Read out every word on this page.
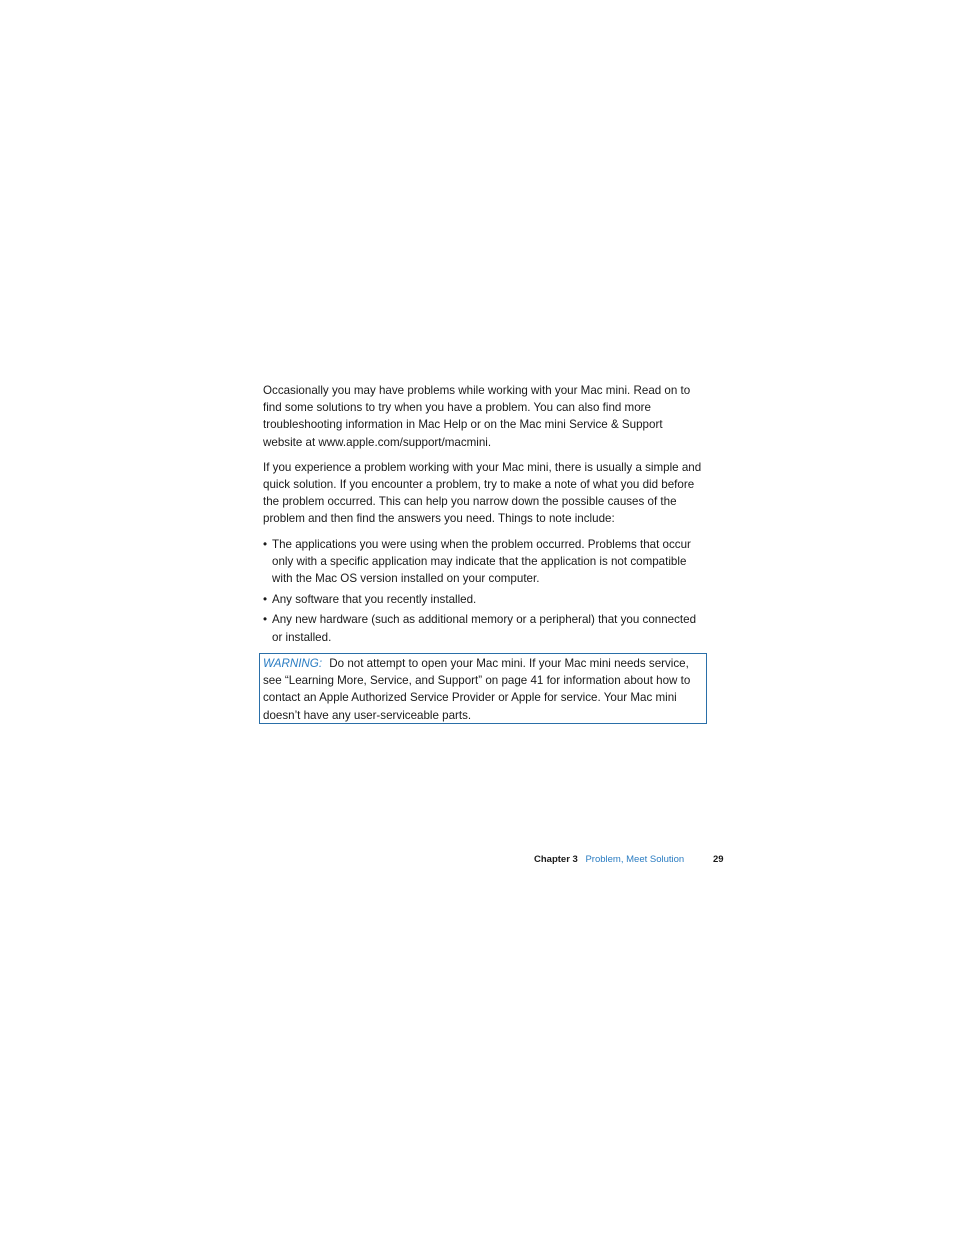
Occasionally you may have problems while working with your Mac mini. Read on to find some solutions to try when you have a problem. You can also find more troubleshooting information in Mac Help or on the Mac mini Service & Support website at www.apple.com/support/macmini.

If you experience a problem working with your Mac mini, there is usually a simple and quick solution. If you encounter a problem, try to make a note of what you did before the problem occurred. This can help you narrow down the possible causes of the problem and then find the answers you need. Things to note include:

• The applications you were using when the problem occurred. Problems that occur only with a specific application may indicate that the application is not compatible with the Mac OS version installed on your computer.
• Any software that you recently installed.
• Any new hardware (such as additional memory or a peripheral) that you connected or installed.
WARNING: Do not attempt to open your Mac mini. If your Mac mini needs service, see “Learning More, Service, and Support” on page 41 for information about how to contact an Apple Authorized Service Provider or Apple for service. Your Mac mini doesn’t have any user-serviceable parts.
Chapter 3 Problem, Meet Solution	29
